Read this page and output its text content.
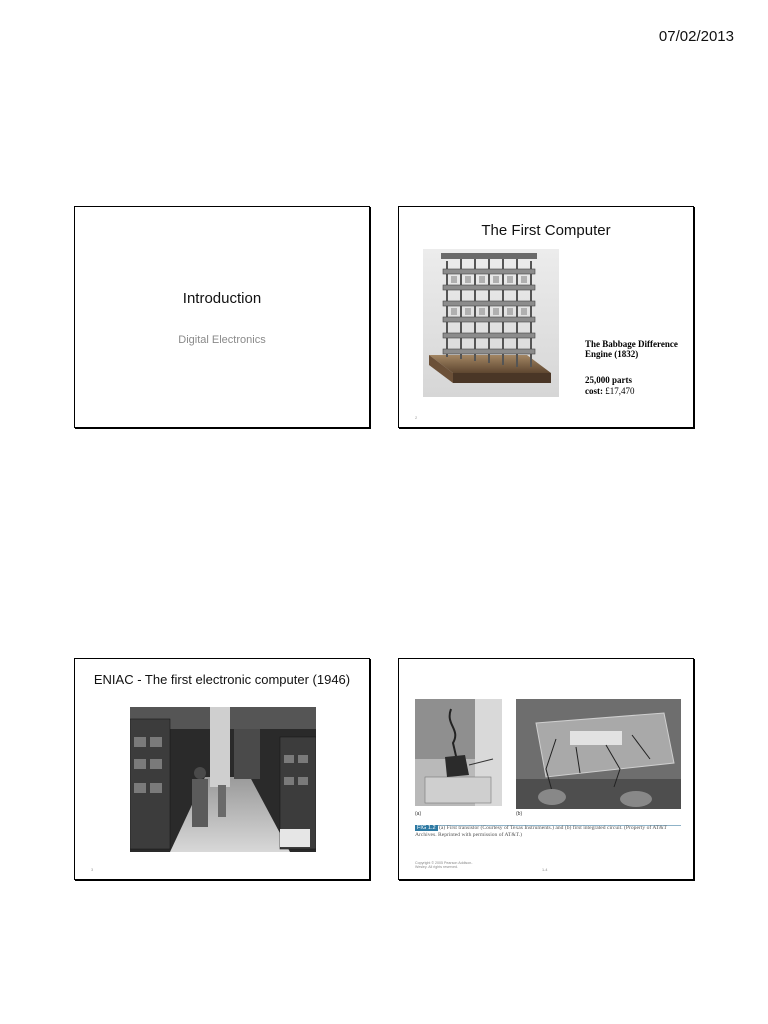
07/02/2013
Introduction
Digital Electronics
The First Computer
The Babbage Difference Engine (1832)
25,000 parts
cost: £17,470
2
ENIAC - The first electronic computer (1946)
3
(a)	(b)
FIG 1.2 (a) First transistor (Courtesy of Texas Instruments.) and (b) first integrated circuit. (Property of AT&T Archives. Reprinted with permission of AT&T.)
Copyright © 2005 Pearson Addison-Wesley. All rights reserved.
1-4
